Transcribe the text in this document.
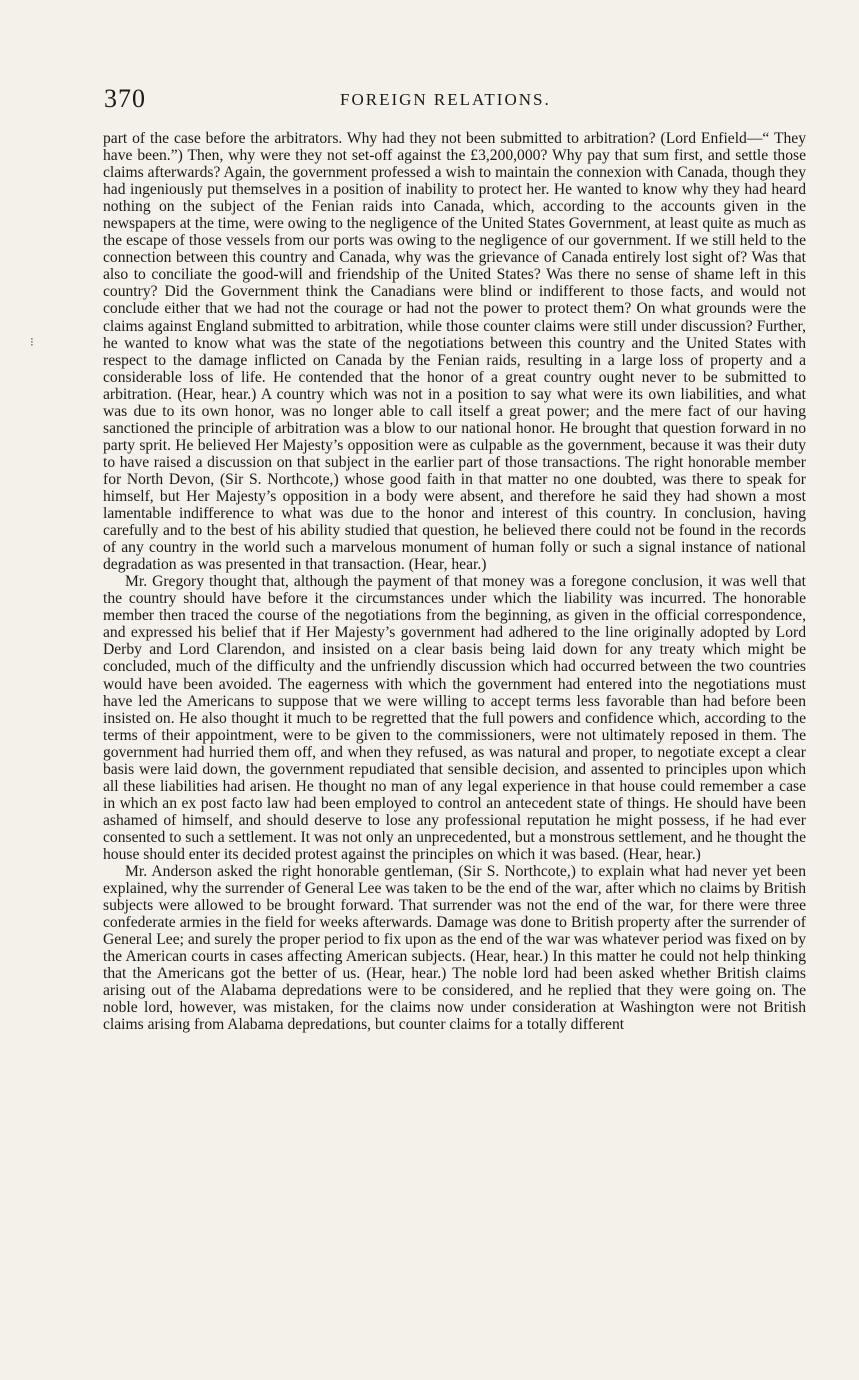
370	FOREIGN RELATIONS.
⁝

part of the case before the arbitrators. Why had they not been submitted to arbitration? (Lord Enfield—“ They have been.”) Then, why were they not set-off against the £3,200,000? Why pay that sum first, and settle those claims afterwards? Again, the government professed a wish to maintain the connexion with Canada, though they had ingeniously put themselves in a position of inability to protect her. He wanted to know why they had heard nothing on the subject of the Fenian raids into Canada, which, according to the accounts given in the newspapers at the time, were owing to the negligence of the United States Government, at least quite as much as the escape of those vessels from our ports was owing to the negligence of our government. If we still held to the connection between this country and Canada, why was the grievance of Canada entirely lost sight of? Was that also to conciliate the good-will and friendship of the United States? Was there no sense of shame left in this country? Did the Government think the Canadians were blind or indifferent to those facts, and would not conclude either that we had not the courage or had not the power to protect them? On what grounds were the claims against England submitted to arbitration, while those counter claims were still under discussion? Further, he wanted to know what was the state of the negotiations between this country and the United States with respect to the damage inflicted on Canada by the Fenian raids, resulting in a large loss of property and a considerable loss of life. He contended that the honor of a great country ought never to be submitted to arbitration. (Hear, hear.) A country which was not in a position to say what were its own liabilities, and what was due to its own honor, was no longer able to call itself a great power; and the mere fact of our having sanctioned the principle of arbitration was a blow to our national honor. He brought that question forward in no party sprit. He believed Her Majesty’s opposition were as culpable as the government, because it was their duty to have raised a discussion on that subject in the earlier part of those transactions. The right honorable member for North Devon, (Sir S. Northcote,) whose good faith in that matter no one doubted, was there to speak for himself, but Her Majesty’s opposition in a body were absent, and therefore he said they had shown a most lamentable indifference to what was due to the honor and interest of this country. In conclusion, having carefully and to the best of his ability studied that question, he believed there could not be found in the records of any country in the world such a marvelous monument of human folly or such a signal instance of national degradation as was presented in that transaction. (Hear, hear.)

Mr. Gregory thought that, although the payment of that money was a foregone conclusion, it was well that the country should have before it the circumstances under which the liability was incurred. The honorable member then traced the course of the negotiations from the beginning, as given in the official correspondence, and expressed his belief that if Her Majesty’s government had adhered to the line originally adopted by Lord Derby and Lord Clarendon, and insisted on a clear basis being laid down for any treaty which might be concluded, much of the difficulty and the unfriendly discussion which had occurred between the two countries would have been avoided. The eagerness with which the government had entered into the negotiations must have led the Americans to suppose that we were willing to accept terms less favorable than had before been insisted on. He also thought it much to be regretted that the full powers and confidence which, according to the terms of their appointment, were to be given to the commissioners, were not ultimately reposed in them. The government had hurried them off, and when they refused, as was natural and proper, to negotiate except a clear basis were laid down, the government repudiated that sensible decision, and assented to principles upon which all these liabilities had arisen. He thought no man of any legal experience in that house could remember a case in which an ex post facto law had been employed to control an antecedent state of things. He should have been ashamed of himself, and should deserve to lose any professional reputation he might possess, if he had ever consented to such a settlement. It was not only an unprecedented, but a monstrous settlement, and he thought the house should enter its decided protest against the principles on which it was based. (Hear, hear.)

Mr. Anderson asked the right honorable gentleman, (Sir S. Northcote,) to explain what had never yet been explained, why the surrender of General Lee was taken to be the end of the war, after which no claims by British subjects were allowed to be brought forward. That surrender was not the end of the war, for there were three confederate armies in the field for weeks afterwards. Damage was done to British property after the surrender of General Lee; and surely the proper period to fix upon as the end of the war was whatever period was fixed on by the American courts in cases affecting American subjects. (Hear, hear.) In this matter he could not help thinking that the Americans got the better of us. (Hear, hear.) The noble lord had been asked whether British claims arising out of the Alabama depredations were to be considered, and he replied that they were going on. The noble lord, however, was mistaken, for the claims now under consideration at Washington were not British claims arising from Alabama depredations, but counter claims for a totally different
